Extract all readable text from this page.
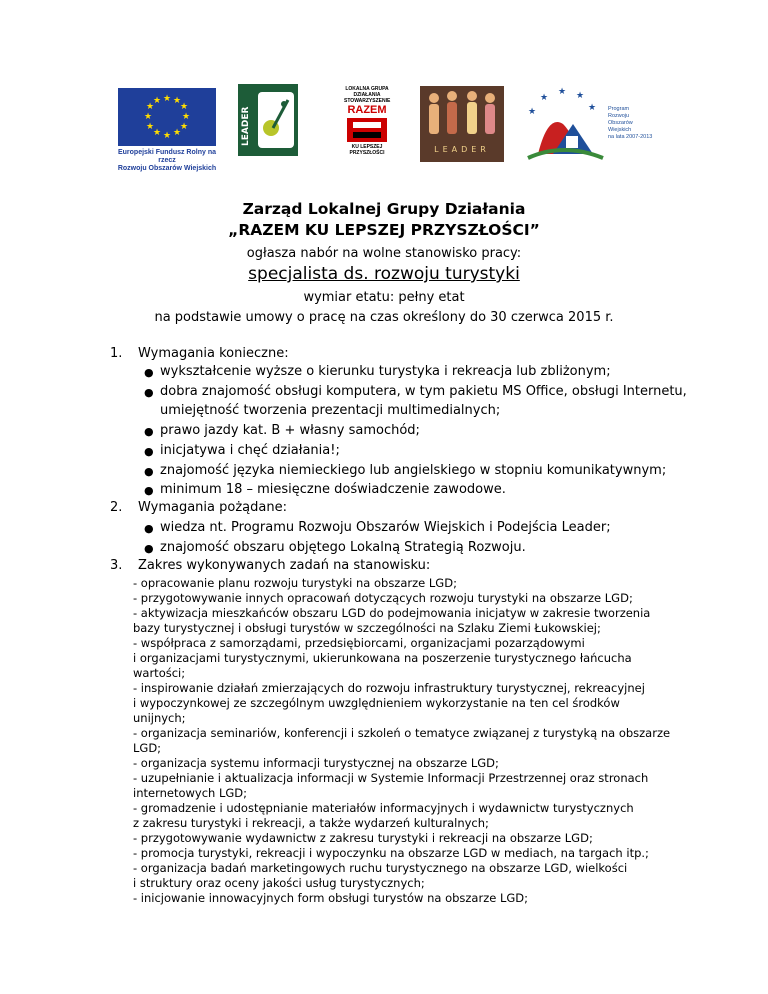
★ ★
★
★
★
★
★
★
★
★
★
★
Europejski Fundusz Rolny na rzecz
Rozwoju Obszarów Wiejskich
LEADER
LOKALNA GRUPA
DZIAŁANIA
STOWARZYSZENIE
RAZEM
KU LEPSZEJ
PRZYSZŁOŚCI	LEADER
★
★ ★
★
★	Program
Rozwoju
Obszarów
Wiejskich
na lata 2007-2013
Zarząd Lokalnej Grupy Działania
„RAZEM KU LEPSZEJ PRZYSZŁOŚCI”
ogłasza nabór na wolne stanowisko pracy:
specjalista ds. rozwoju turystyki
wymiar etatu: pełny etat
na podstawie umowy o pracę na czas określony do 30 czerwca 2015 r.
1. Wymagania konieczne:
● wykształcenie wyższe o kierunku turystyka i rekreacja lub zbliżonym;
● dobra znajomość obsługi komputera, w tym pakietu MS Office, obsługi Internetu,
umiejętność tworzenia prezentacji multimedialnych;
● prawo jazdy kat. B + własny samochód;
● inicjatywa i chęć działania!;
● znajomość języka niemieckiego lub angielskiego w stopniu komunikatywnym;
● minimum 18 – miesięczne doświadczenie zawodowe.
2. Wymagania pożądane:
● wiedza nt. Programu Rozwoju Obszarów Wiejskich i Podejścia Leader;
● znajomość obszaru objętego Lokalną Strategią Rozwoju.
3. Zakres wykonywanych zadań na stanowisku:
- opracowanie planu rozwoju turystyki na obszarze LGD;
- przygotowywanie innych opracowań dotyczących rozwoju turystyki na obszarze LGD;
- aktywizacja mieszkańców obszaru LGD do podejmowania inicjatyw w zakresie tworzenia
bazy turystycznej i obsługi turystów w szczególności na Szlaku Ziemi Łukowskiej;
- współpraca z samorządami, przedsiębiorcami, organizacjami pozarządowymi
i organizacjami turystycznymi, ukierunkowana na poszerzenie turystycznego łańcucha
wartości;
- inspirowanie działań zmierzających do rozwoju infrastruktury turystycznej, rekreacyjnej
i wypoczynkowej ze szczególnym uwzględnieniem wykorzystanie na ten cel środków
unijnych;
- organizacja seminariów, konferencji i szkoleń o tematyce związanej z turystyką na obszarze
LGD;
- organizacja systemu informacji turystycznej na obszarze LGD;
- uzupełnianie i aktualizacja informacji w Systemie Informacji Przestrzennej oraz stronach
internetowych LGD;
- gromadzenie i udostępnianie materiałów informacyjnych i wydawnictw turystycznych
z zakresu turystyki i rekreacji, a także wydarzeń kulturalnych;
- przygotowywanie wydawnictw z zakresu turystyki i rekreacji na obszarze LGD;
- promocja turystyki, rekreacji i wypoczynku na obszarze LGD w mediach, na targach itp.;
- organizacja badań marketingowych ruchu turystycznego na obszarze LGD, wielkości
i struktury oraz oceny jakości usług turystycznych;
- inicjowanie innowacyjnych form obsługi turystów na obszarze LGD;
